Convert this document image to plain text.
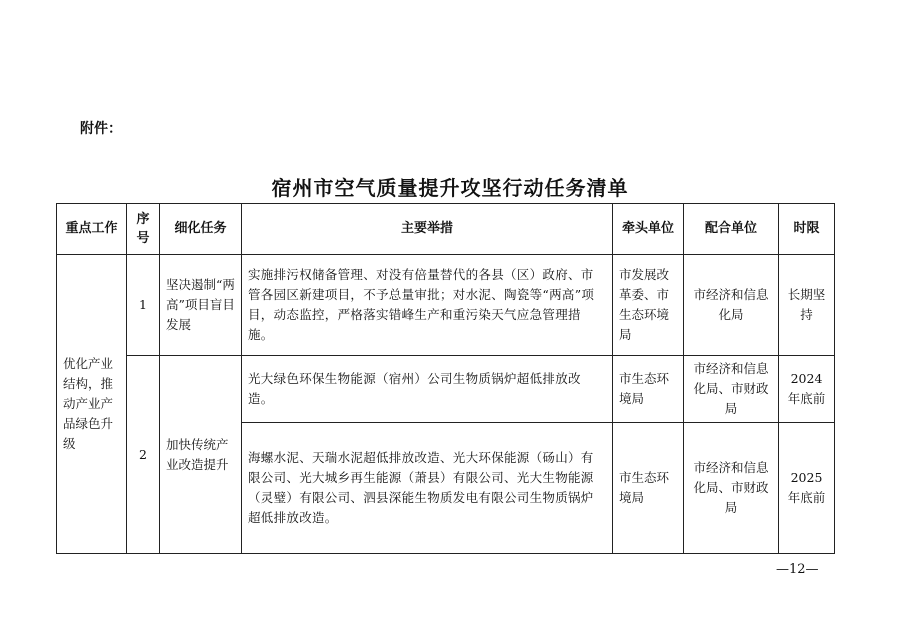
附件：
宿州市空气质量提升攻坚行动任务清单
重点工作	序号	细化任务	主要举措	牵头单位	配合单位	时限
优化产业结构，推动产业产品绿色升级	1	坚决遏制“两高”项目盲目发展	实施排污权储备管理、对没有倍量替代的各县（区）政府、市管各园区新建项目，不予总量审批；对水泥、陶瓷等“两高”项目，动态监控，严格落实错峰生产和重污染天气应急管理措施。	市发展改革委、市生态环境局	市经济和信息化局	长期坚持
	2	加快传统产业改造提升	光大绿色环保生物能源（宿州）公司生物质锅炉超低排放改造。	市生态环境局	市经济和信息化局、市财政局	2024年底前
			海螺水泥、天瑞水泥超低排放改造、光大环保能源（砀山）有限公司、光大城乡再生能源（萧县）有限公司、光大生物能源（灵璧）有限公司、泗县深能生物质发电有限公司生物质锅炉超低排放改造。	市生态环境局	市经济和信息化局、市财政局	2025年底前
—12—
